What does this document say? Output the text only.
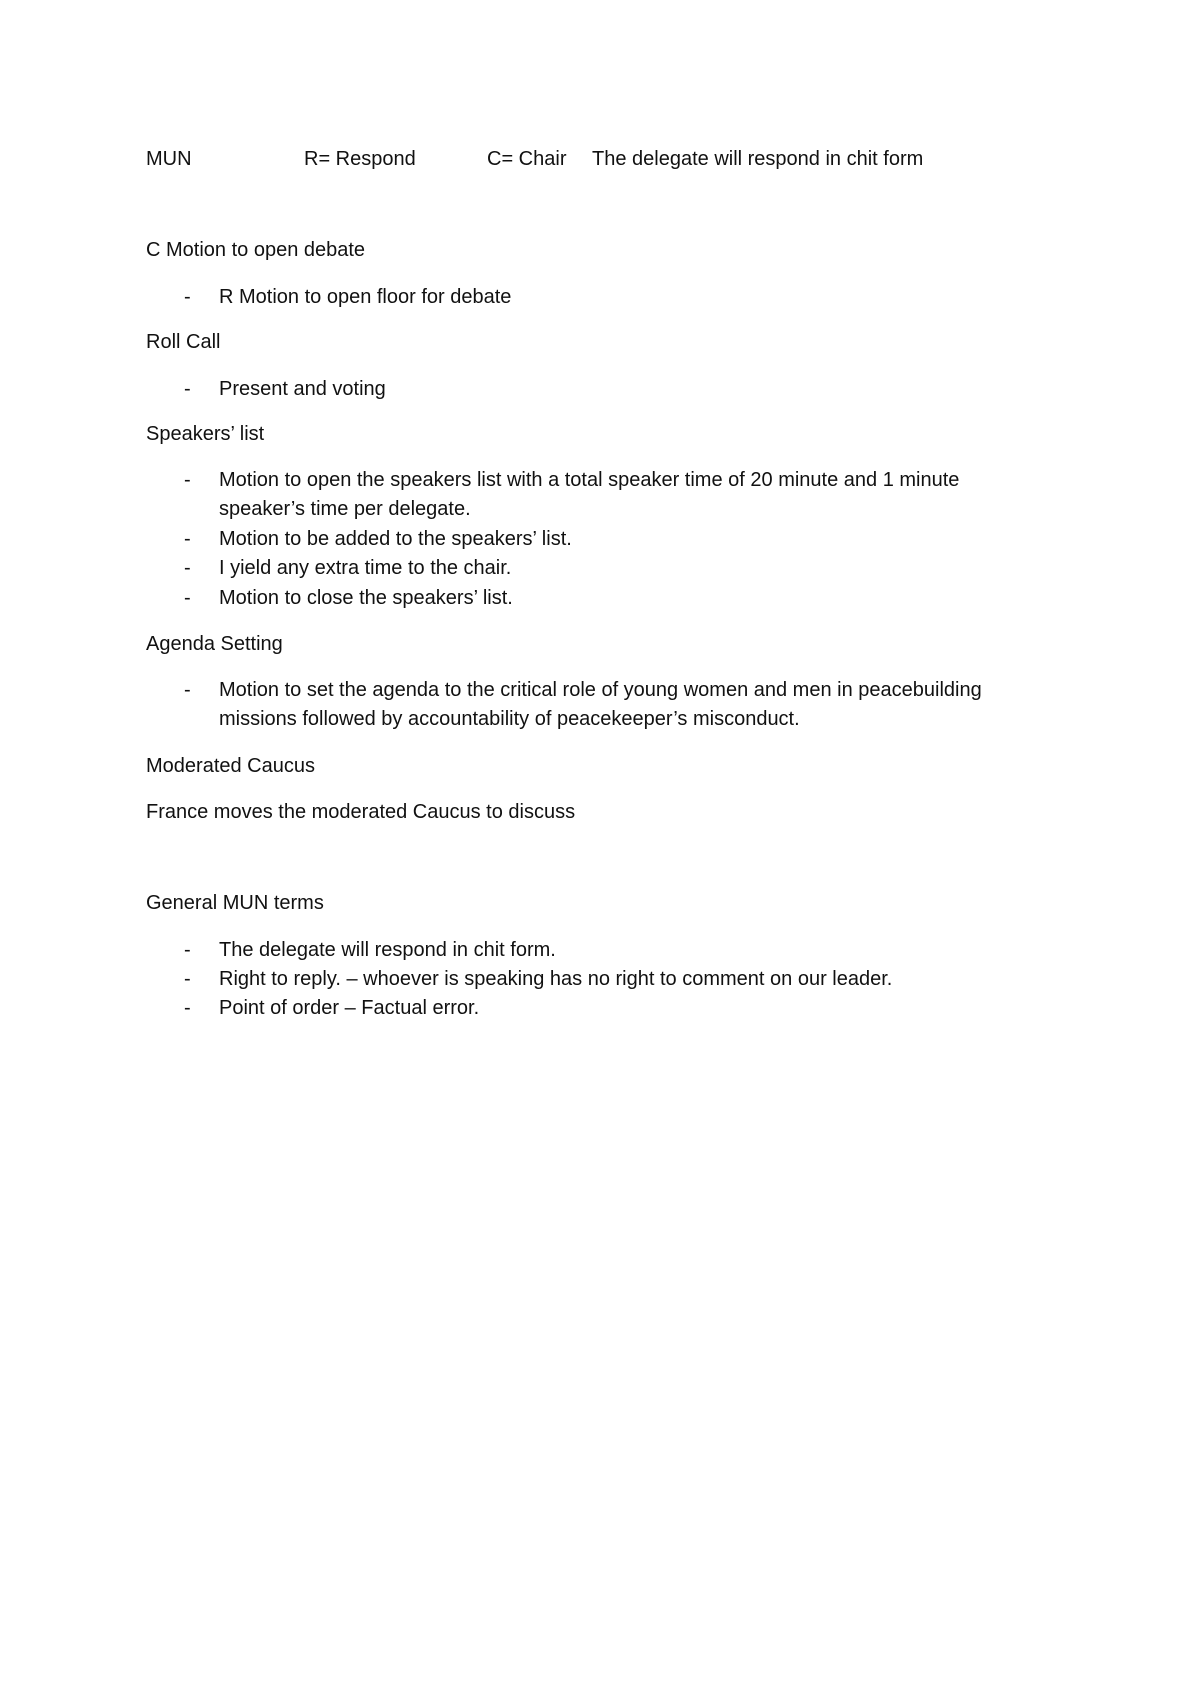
MUN	R= Respond	C= Chair The delegate will respond in chit form
C Motion to open debate
- R Motion to open floor for debate
Roll Call
- Present and voting
Speakers’ list
- Motion to open the speakers list with a total speaker time of 20 minute and 1 minute speaker’s time per delegate.
- Motion to be added to the speakers’ list.
- I yield any extra time to the chair.
- Motion to close the speakers’ list.
Agenda Setting
- Motion to set the agenda to the critical role of young women and men in peacebuilding missions followed by accountability of peacekeeper’s misconduct.
Moderated Caucus
France moves the moderated Caucus to discuss
General MUN terms
- The delegate will respond in chit form.
- Right to reply. – whoever is speaking has no right to comment on our leader.
- Point of order – Factual error.
